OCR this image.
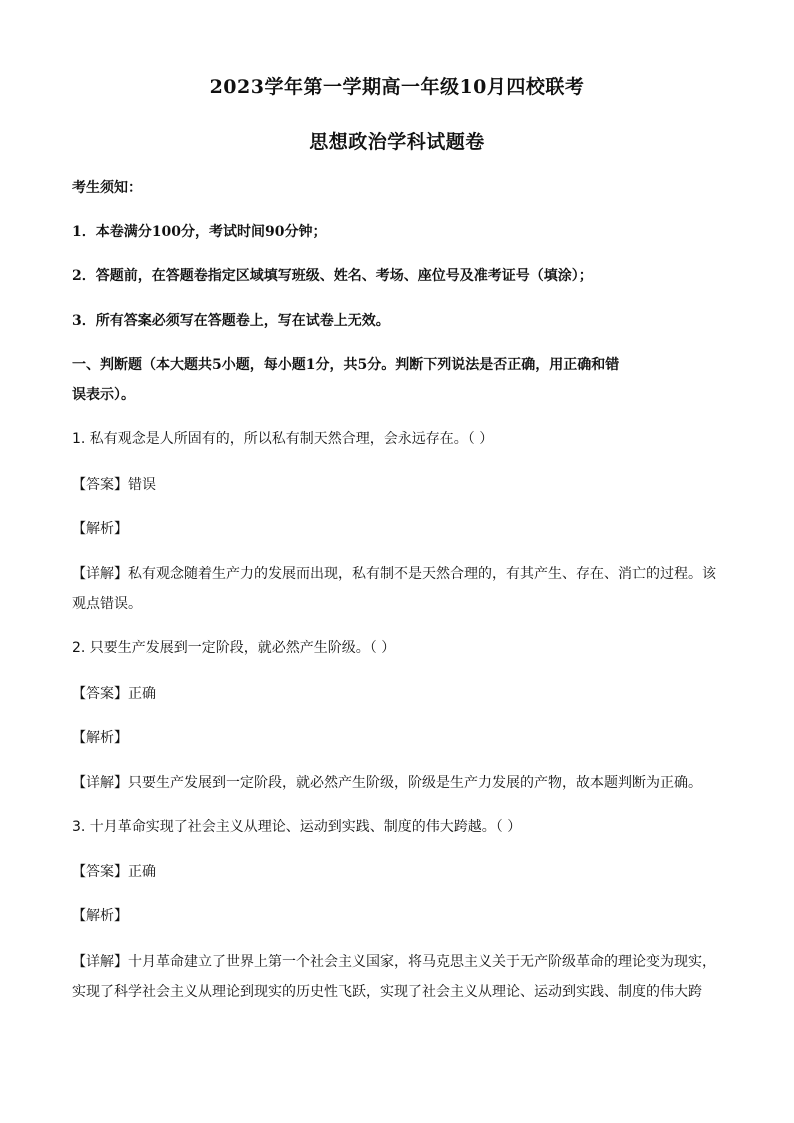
2023学年第一学期高一年级10月四校联考
思想政治学科试题卷
考生须知：
1．本卷满分100分，考试时间90分钟；
2．答题前，在答题卷指定区域填写班级、姓名、考场、座位号及准考证号（填涂）；
3．所有答案必须写在答题卷上，写在试卷上无效。
一、判断题（本大题共5小题，每小题1分，共5分。判断下列说法是否正确，用正确和错
误表示）。
1. 私有观念是人所固有的，所以私有制天然合理，会永远存在。（ ）
【答案】错误
【解析】
【详解】私有观念随着生产力的发展而出现，私有制不是天然合理的，有其产生、存在、消亡的过程。该
观点错误。
2. 只要生产发展到一定阶段，就必然产生阶级。（ ）
【答案】正确
【解析】
【详解】只要生产发展到一定阶段，就必然产生阶级，阶级是生产力发展的产物，故本题判断为正确。
3. 十月革命实现了社会主义从理论、运动到实践、制度的伟大跨越。（ ）
【答案】正确
【解析】
【详解】十月革命建立了世界上第一个社会主义国家，将马克思主义关于无产阶级革命的理论变为现实，
实现了科学社会主义从理论到现实的历史性飞跃，实现了社会主义从理论、运动到实践、制度的伟大跨
